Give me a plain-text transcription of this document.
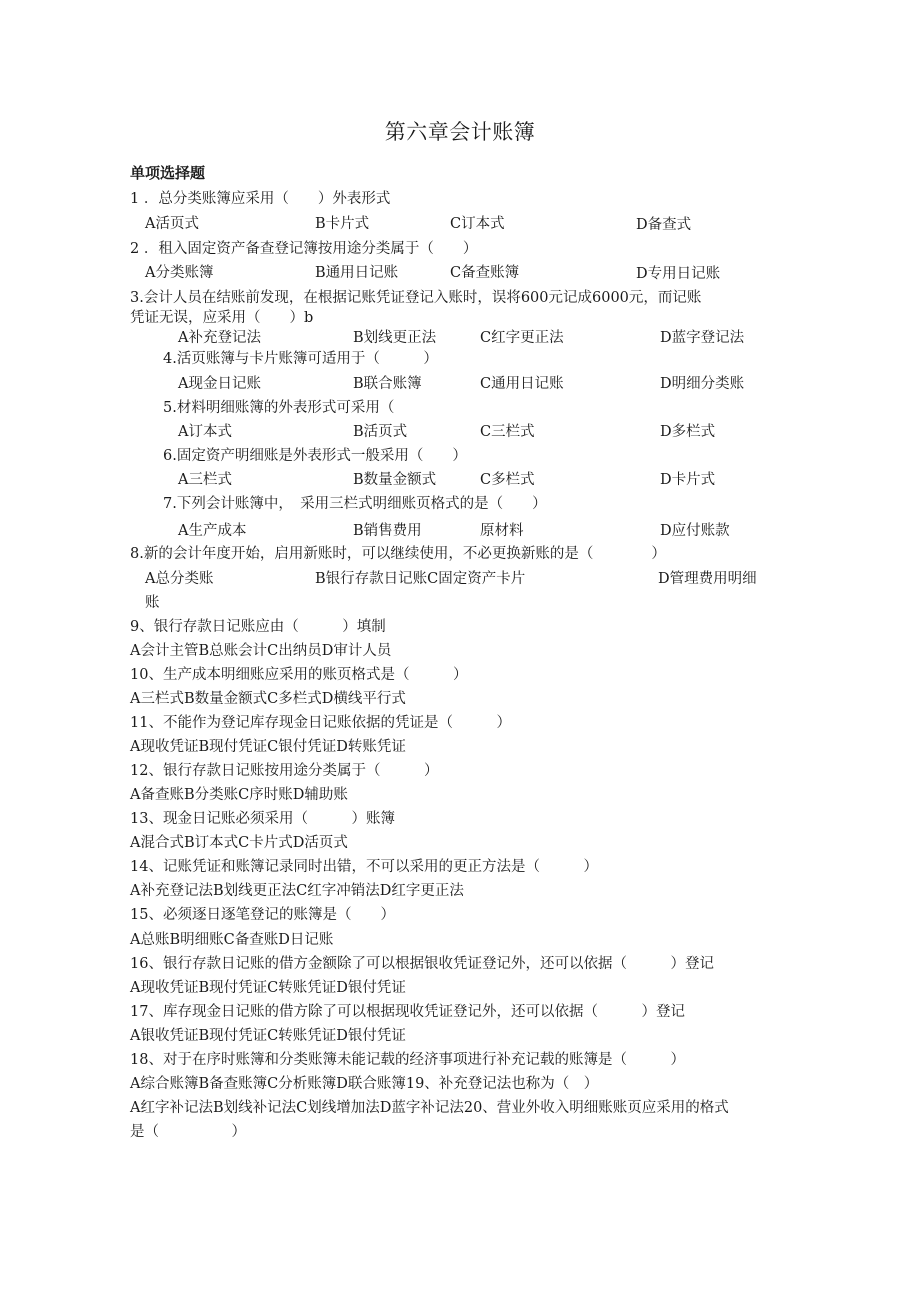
第六章会计账簿
单项选择题
1 ．总分类账簿应采用（　　）外表形式
A活页式	B卡片式	C订本式	D备查式
2 ．租入固定资产备查登记簿按用途分类属于（　　）
A分类账簿	B通用日记账	C备查账簿	D专用日记账
3.会计人员在结账前发现，在根据记账凭证登记入账时，误将600元记成6000元，而记账
凭证无误，应采用（　　）b
A补充登记法	B划线更正法	C红字更正法	D蓝字登记法
4.活页账簿与卡片账簿可适用于（　　　）
A现金日记账	B联合账簿	C通用日记账	D明细分类账
5.材料明细账簿的外表形式可采用（
A订本式	B活页式	C三栏式	D多栏式
6.固定资产明细账是外表形式一般采用（　　）
A三栏式	B数量金额式	C多栏式	D卡片式
7.下列会计账簿中，　采用三栏式明细账页格式的是（　　）
A生产成本	B销售费用	原材料	D应付账款
8.新的会计年度开始，启用新账时，可以继续使用，不必更换新账的是（　　　　）
A总分类账	B银行存款日记账C固定资产卡片	D管理费用明细
账
9、银行存款日记账应由（　　　）填制
A会计主管B总账会计C出纳员D审计人员
10、生产成本明细账应采用的账页格式是（　　　）
A三栏式B数量金额式C多栏式D横线平行式
11、不能作为登记库存现金日记账依据的凭证是（　　　）
A现收凭证B现付凭证C银付凭证D转账凭证
12、银行存款日记账按用途分类属于（　　　）
A备查账B分类账C序时账D辅助账
13、现金日记账必须采用（　　　）账簿
A混合式B订本式C卡片式D活页式
14、记账凭证和账簿记录同时出错，不可以采用的更正方法是（　　　）
A补充登记法B划线更正法C红字冲销法D红字更正法
15、必须逐日逐笔登记的账簿是（　　）
A总账B明细账C备查账D日记账
16、银行存款日记账的借方金额除了可以根据银收凭证登记外，还可以依据（　　　）登记
A现收凭证B现付凭证C转账凭证D银付凭证
17、库存现金日记账的借方除了可以根据现收凭证登记外，还可以依据（　　　）登记
A银收凭证B现付凭证C转账凭证D银付凭证
18、对于在序时账簿和分类账簿未能记载的经济事项进行补充记载的账簿是（　　　）
A综合账簿B备查账簿C分析账簿D联合账簿19、补充登记法也称为（　）
A红字补记法B划线补记法C划线增加法D蓝字补记法20、营业外收入明细账账页应采用的格式
是（　　　　　）
